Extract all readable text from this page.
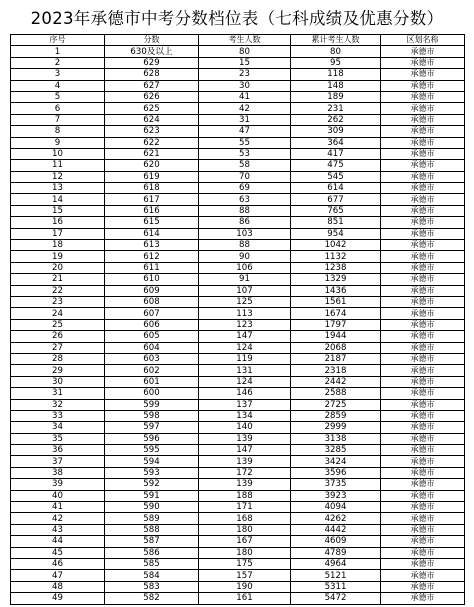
2023年承德市中考分数档位表（七科成绩及优惠分数）
序号	分数	考生人数	累计考生人数	区划名称
1	630及以上	80	80	承德市
2	629	15	95	承德市
3	628	23	118	承德市
4	627	30	148	承德市
5	626	41	189	承德市
6	625	42	231	承德市
7	624	31	262	承德市
8	623	47	309	承德市
9	622	55	364	承德市
10	621	53	417	承德市
11	620	58	475	承德市
12	619	70	545	承德市
13	618	69	614	承德市
14	617	63	677	承德市
15	616	88	765	承德市
16	615	86	851	承德市
17	614	103	954	承德市
18	613	88	1042	承德市
19	612	90	1132	承德市
20	611	106	1238	承德市
21	610	91	1329	承德市
22	609	107	1436	承德市
23	608	125	1561	承德市
24	607	113	1674	承德市
25	606	123	1797	承德市
26	605	147	1944	承德市
27	604	124	2068	承德市
28	603	119	2187	承德市
29	602	131	2318	承德市
30	601	124	2442	承德市
31	600	146	2588	承德市
32	599	137	2725	承德市
33	598	134	2859	承德市
34	597	140	2999	承德市
35	596	139	3138	承德市
36	595	147	3285	承德市
37	594	139	3424	承德市
38	593	172	3596	承德市
39	592	139	3735	承德市
40	591	188	3923	承德市
41	590	171	4094	承德市
42	589	168	4262	承德市
43	588	180	4442	承德市
44	587	167	4609	承德市
45	586	180	4789	承德市
46	585	175	4964	承德市
47	584	157	5121	承德市
48	583	190	5311	承德市
49	582	161	5472	承德市
